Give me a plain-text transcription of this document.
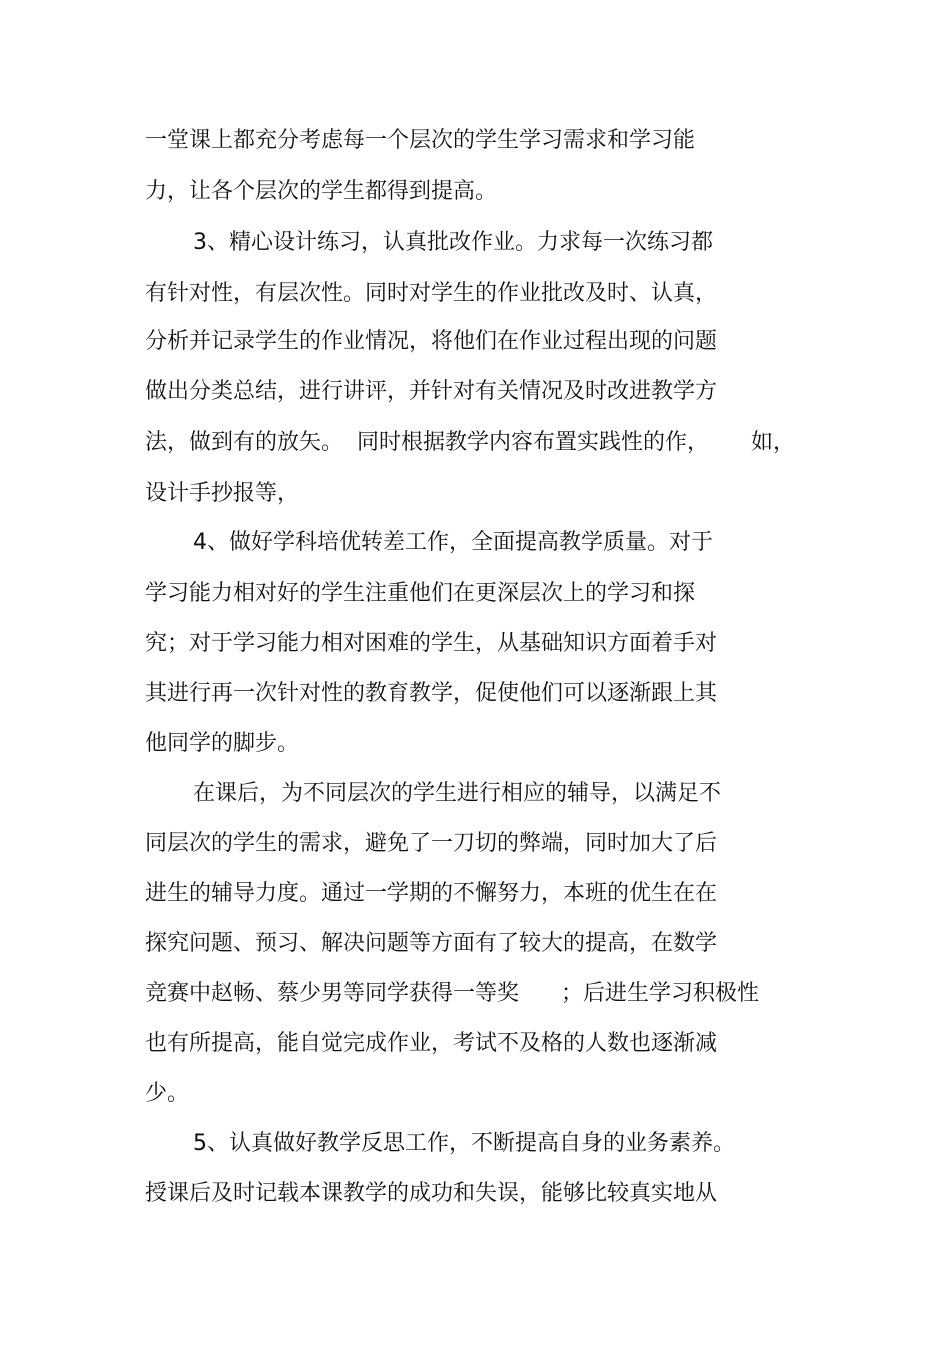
一堂课上都充分考虑每一个层次的学生学习需求和学习能

力，让各个层次的学生都得到提高。

3、精心设计练习，认真批改作业。力求每一次练习都

有针对性，有层次性。同时对学生的作业批改及时、认真，

分析并记录学生的作业情况，将他们在作业过程出现的问题

做出分类总结，进行讲评，并针对有关情况及时改进教学方

法，做到有的放矢。  同时根据教学内容布置实践性的作，      如，

设计手抄报等，

4、做好学科培优转差工作，全面提高教学质量。对于

学习能力相对好的学生注重他们在更深层次上的学习和探

究；对于学习能力相对困难的学生，从基础知识方面着手对

其进行再一次针对性的教育教学，促使他们可以逐渐跟上其

他同学的脚步。

在课后，为不同层次的学生进行相应的辅导，以满足不

同层次的学生的需求，避免了一刀切的弊端，同时加大了后

进生的辅导力度。通过一学期的不懈努力，本班的优生在在

探究问题、预习、解决问题等方面有了较大的提高，在数学

竞赛中赵畅、蔡少男等同学获得一等奖      ；后进生学习积极性

也有所提高，能自觉完成作业，考试不及格的人数也逐渐减

少。

5、认真做好教学反思工作，不断提高自身的业务素养。

授课后及时记载本课教学的成功和失误，能够比较真实地从
